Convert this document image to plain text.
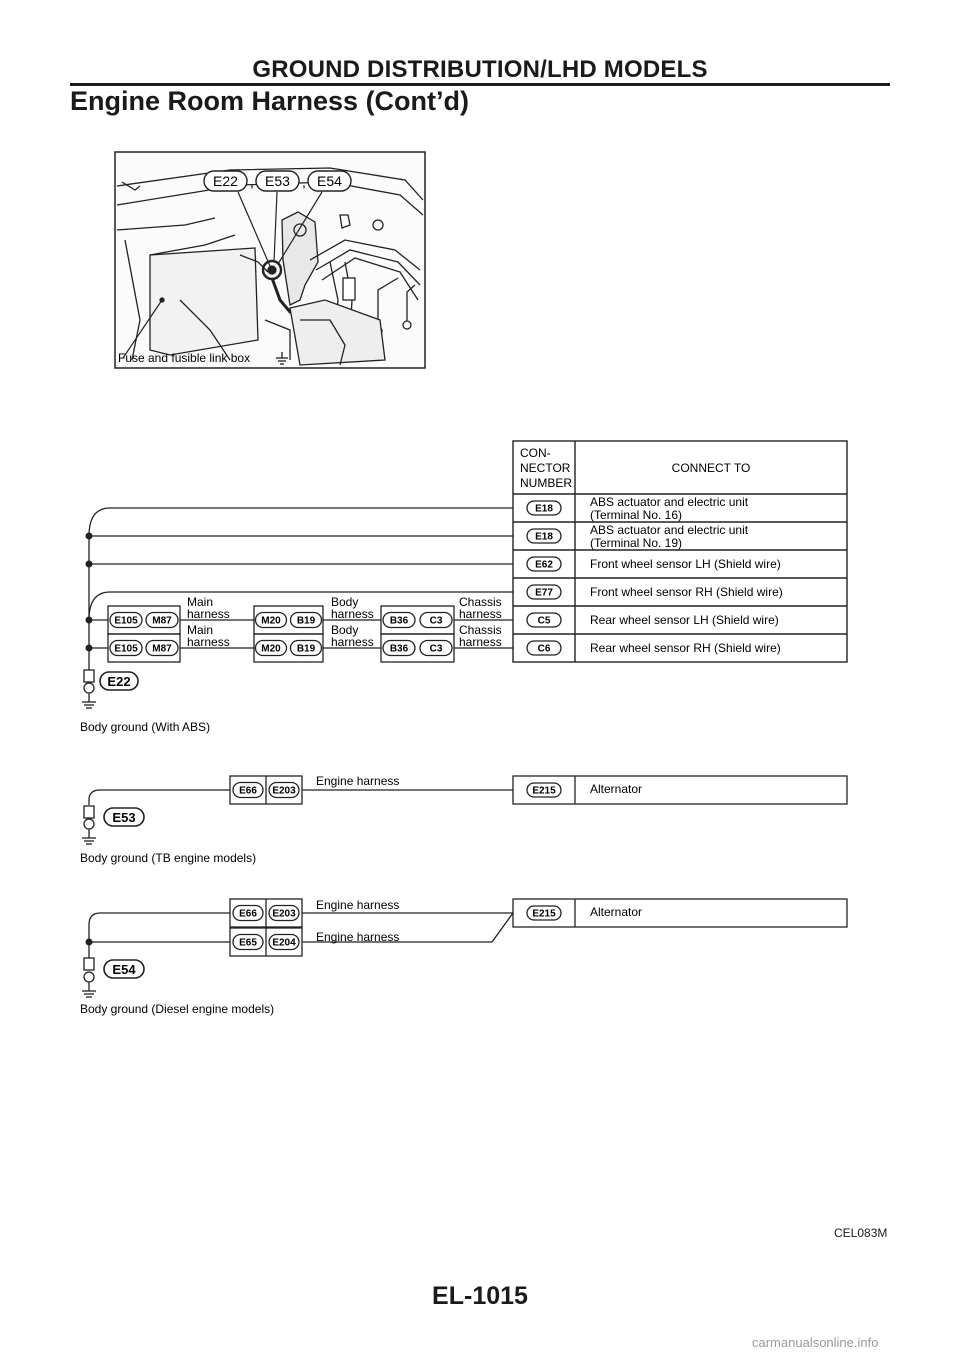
GROUND DISTRIBUTION/LHD MODELS
Engine Room Harness (Cont’d)
E22 , E53 , E54
Fuse and fusible link box
CON-
NECTOR
NUMBER
CONNECT TO
E18
ABS actuator and electric unit
(Terminal No. 16)
E18
ABS actuator and electric unit
(Terminal No. 19)
E62	Front wheel sensor LH (Shield wire)
E77	Front wheel sensor RH (Shield wire)
C5	Rear wheel sensor LH (Shield wire)
C6	Rear wheel sensor RH (Shield wire)
E105 M87	M20 B19	B36 C3
E105 M87	M20 B19	B36 C3
Main
harness
Main
harness
Body
harness
Body
harness
Chassis
harness
Chassis
harness
E22
Body ground (With ABS)
E66 E203	E215
Engine harness
Alternator
E53
Body ground (TB engine models)
E66 E203
E65 E204
E215
Engine harness
Engine harness
Alternator
E54
Body ground (Diesel engine models)
CEL083M
EL-1015
carmanualsonline.info
